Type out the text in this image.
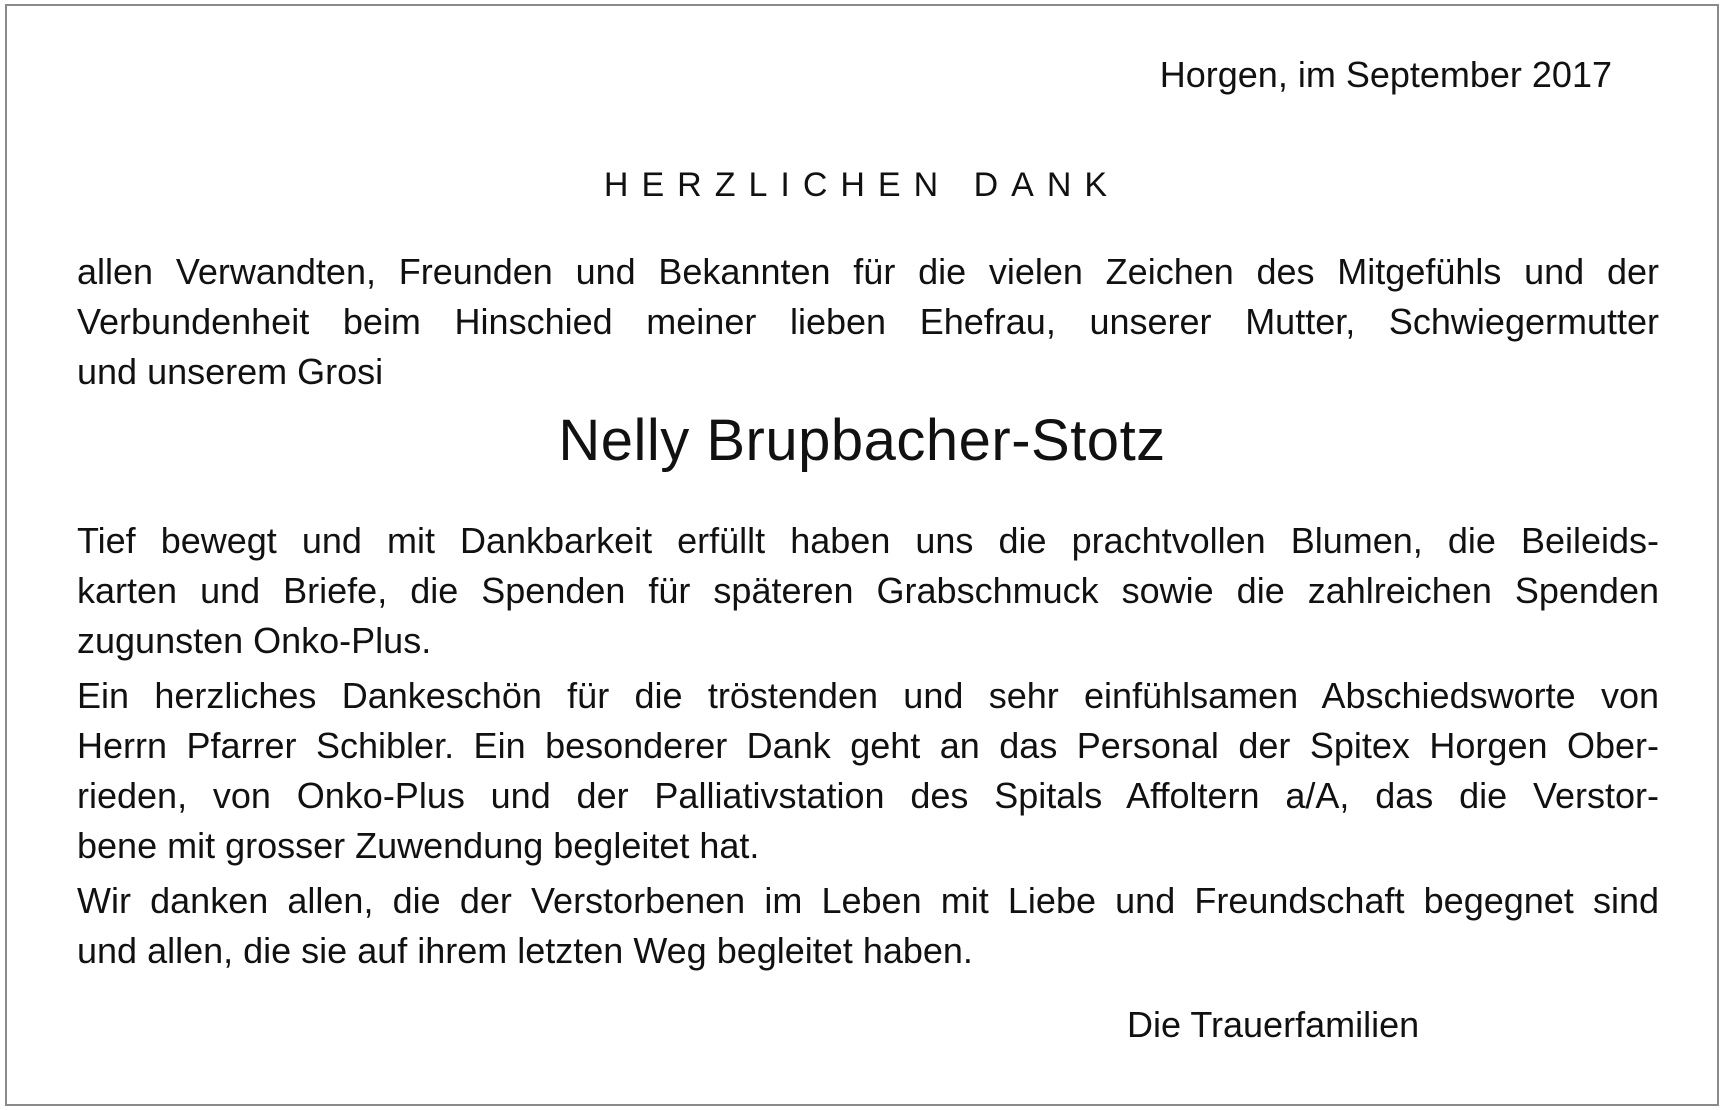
Horgen, im September 2017
HERZLICHEN DANK
allen Verwandten, Freunden und Bekannten für die vielen Zeichen des Mitgefühls und der
Verbundenheit beim Hinschied meiner lieben Ehefrau, unserer Mutter, Schwiegermutter
und unserem Grosi
Nelly Brupbacher-Stotz
Tief bewegt und mit Dankbarkeit erfüllt haben uns die prachtvollen Blumen, die Beileids-
karten und Briefe, die Spenden für späteren Grabschmuck sowie die zahlreichen Spenden
zugunsten Onko-Plus.
Ein herzliches Dankeschön für die tröstenden und sehr einfühlsamen Abschiedsworte von
Herrn Pfarrer Schibler. Ein besonderer Dank geht an das Personal der Spitex Horgen Ober-
rieden, von Onko-Plus und der Palliativstation des Spitals Affoltern a/A, das die Verstor-
bene mit grosser Zuwendung begleitet hat.
Wir danken allen, die der Verstorbenen im Leben mit Liebe und Freundschaft begegnet sind
und allen, die sie auf ihrem letzten Weg begleitet haben.
Die Trauerfamilien
